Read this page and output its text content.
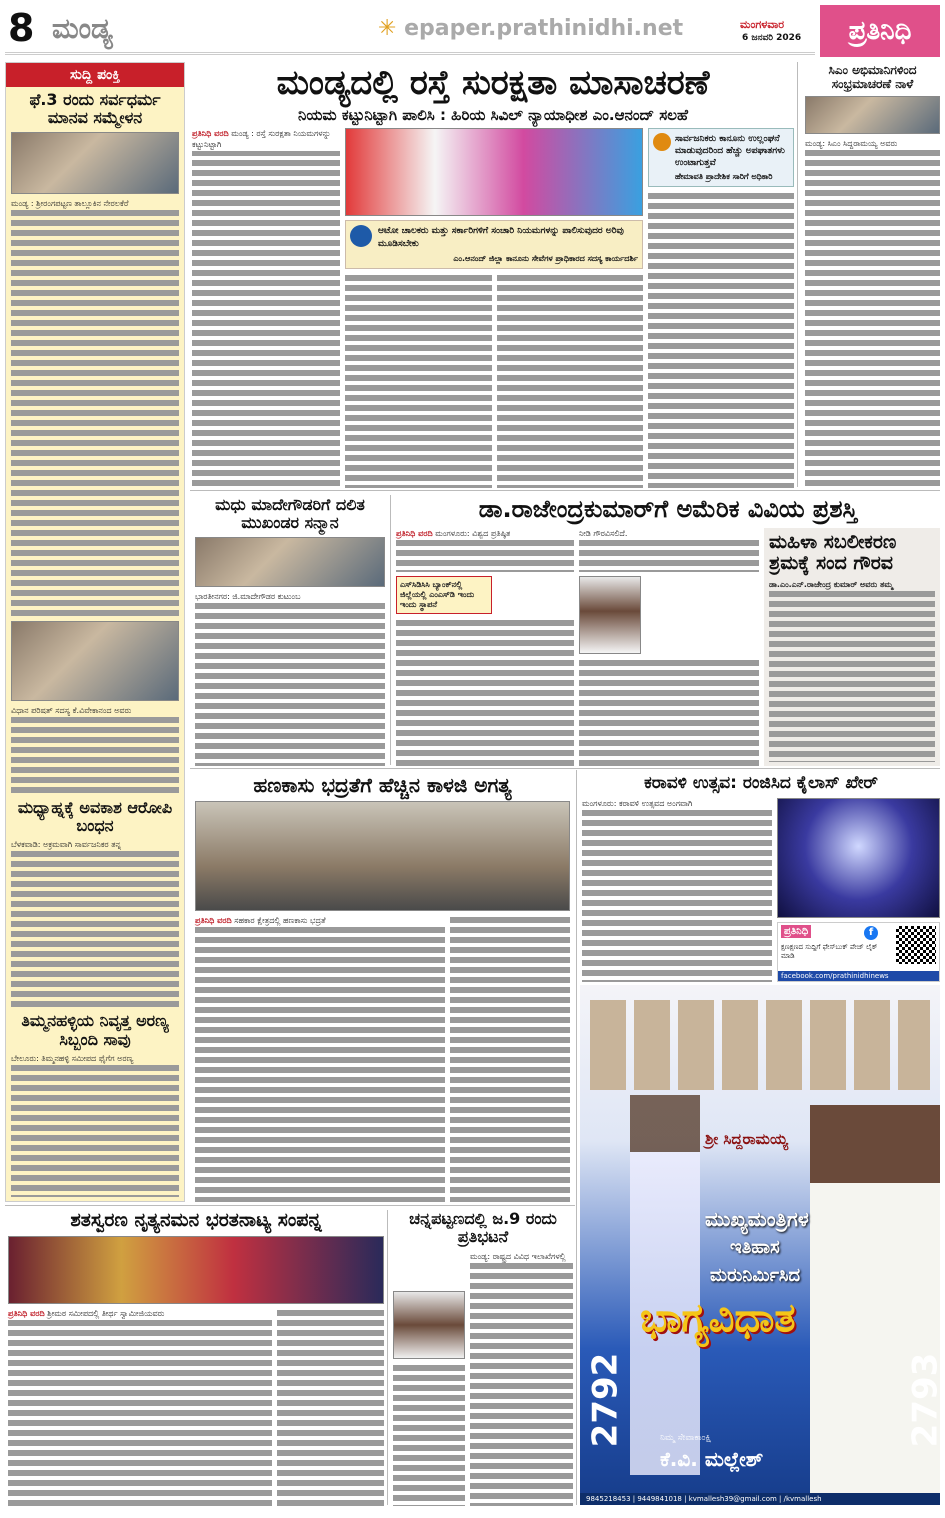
8 ಮಂಡ್ಯ	✳ epaper.prathinidhi.net	ಮಂಗಳವಾರ
6 ಜನವರಿ 2026	ಪ್ರತಿನಿಧಿ
ಸುದ್ದಿ ಪಂಕ್ತಿ
ಫೆ.3 ರಂದು ಸರ್ವಧರ್ಮ ಮಾನವ ಸಮ್ಮೇಳನ
ಮಂಡ್ಯ : ಶ್ರೀರಂಗಪಟ್ಟಣ ತಾಲ್ಲೂಕಿನ ನೇರಲಕೆರೆ
ವಿಧಾನ ಪರಿಷತ್ ಸದಸ್ಯ ಕೆ.ವಿವೇಕಾನಂದ ಅವರು
ಮಧ್ಯಾಹ್ನಕ್ಕೆ ಅವಕಾಶ ಆರೋಪಿ ಬಂಧನ
ಬೆಳಕವಾಡಿ: ಅಕ್ರಮವಾಗಿ ಸಾರ್ವಜನಿಕರ ತನ್ನ
ತಿಮ್ಮನಹಳ್ಳಿಯ ನಿವೃತ್ತ ಅರಣ್ಯ ಸಿಬ್ಬಂದಿ ಸಾವು
ಬೇಲೂರು: ತಿಮ್ಮನಹಳ್ಳಿ ಸಮೀಪದ ಫೈಗೆಗ ಅರಣ್ಯ
ಮಂಡ್ಯದಲ್ಲಿ ರಸ್ತೆ ಸುರಕ್ಷತಾ ಮಾಸಾಚರಣೆ
ನಿಯಮ ಕಟ್ಟುನಿಟ್ಟಾಗಿ ಪಾಲಿಸಿ : ಹಿರಿಯ ಸಿವಿಲ್ ನ್ಯಾಯಾಧೀಶ ಎಂ.ಆನಂದ್ ಸಲಹೆ
ಪ್ರತಿನಿಧಿ ವರದಿ ಮಂಡ್ಯ : ರಸ್ತೆ ಸುರಕ್ಷತಾ ನಿಯಮಗಳನ್ನು ಕಟ್ಟುನಿಟ್ಟಾಗಿ
ಆಟೋ ಚಾಲಕರು ಮತ್ತು ಸರ್ಕಾರಿಗಳಿಗೆ ಸಂಚಾರಿ ನಿಯಮಗಳನ್ನು ಪಾಲಿಸುವುದರ ಅರಿವು ಮೂಡಿಸಬೇಕು
ಎಂ.ಆನಂದ್ ಜಿಲ್ಲಾ ಕಾನೂನು ಸೇವೆಗಳ ಪ್ರಾಧಿಕಾರದ ಸದಸ್ಯ ಕಾರ್ಯದರ್ಶಿ
ಸಾರ್ವಜನಿಕರು ಕಾನೂನು ಉಲ್ಲಂಘನೆ ಮಾಡುವುದರಿಂದ ಹೆಚ್ಚು ಅಪಘಾತಗಳು ಉಂಟಾಗುತ್ತವೆ
ಹೇಮಾವತಿ ಪ್ರಾದೇಶಿಕ ಸಾರಿಗೆ ಅಧಿಕಾರಿ
ಸಿಎಂ ಅಭಿಮಾನಿಗಳಿಂದ ಸಂಭ್ರಮಾಚರಣೆ ನಾಳೆ
ಮಂಡ್ಯ: ಸಿಎಂ ಸಿದ್ದರಾಮಯ್ಯ ಅವರು
ಮಧು ಮಾದೇಗೌಡರಿಗೆ ದಲಿತ ಮುಖಂಡರ ಸನ್ಮಾನ
ಭಾರತೀನಗರ: ಜಿ.ಮಾದೇಗೌಡರ ಕುಟುಂಬ
ಡಾ.ರಾಜೇಂದ್ರಕುಮಾರ್‌ಗೆ ಅಮೆರಿಕ ವಿವಿಯ ಪ್ರಶಸ್ತಿ
ಪ್ರತಿನಿಧಿ ವರದಿ ಮಂಗಳೂರು: ವಿಶ್ವದ ಪ್ರತಿಷ್ಠಿತ
ಎಸ್‌ಸಿಡಿಸಿಸಿ ಬ್ಯಾಂಕ್‌ನಲ್ಲಿ ಜಿಲ್ಲೆಯಲ್ಲಿ ಎಂಎಸ್‌ಡಿ ಇಂದು ಇಂದು ಸ್ಥಾಪನೆ
ನೀಡಿ ಗೌರವಿಸಲಿದೆ.	ಮಹಿಳಾ ಸಬಲೀಕರಣ ಶ್ರಮಕ್ಕೆ ಸಂದ ಗೌರವ
ಡಾ.ಎಂ.ಎನ್.ರಾಜೇಂದ್ರ ಕುಮಾರ್ ಅವರು ತಮ್ಮ
ಹಣಕಾಸು ಭದ್ರತೆಗೆ ಹೆಚ್ಚಿನ ಕಾಳಜಿ ಅಗತ್ಯ
ಪ್ರತಿನಿಧಿ ವರದಿ ಸಹಕಾರ ಕ್ಷೇತ್ರದಲ್ಲಿ ಹಣಕಾಸು ಭದ್ರತೆ
ಕರಾವಳಿ ಉತ್ಸವ: ರಂಜಿಸಿದ ಕೈಲಾಸ್ ಖೇರ್
ಮಂಗಳೂರು: ಕರಾವಳಿ ಉತ್ಸವದ ಅಂಗವಾಗಿ
ಪ್ರತಿನಿಧಿ	f
ಕ್ಷಣಕ್ಷಣದ ಸುದ್ದಿಗೆ ಫೇಸ್‌ಬುಕ್ ಪೇಜ್ ಲೈಕ್ ಮಾಡಿ
facebook.com/prathinidhinews
ಶ್ರೀ ಸಿದ್ದರಾಮಯ್ಯ
ಮುಖ್ಯಮಂತ್ರಿಗಳ
ಇತಿಹಾಸ
ಮರುನಿರ್ಮಿಸಿದ
ಭಾಗ್ಯವಿಧಾತ
2792	2793
ನಿಮ್ಮ ಸೇವಾಕಾಂಕ್ಷಿ
ಕೆ.ವಿ. ಮಲ್ಲೇಶ್
9845218453 | 9449841018 | kvmallesh39@gmail.com | /kvmallesh
ಶತಸ್ವರಣ ನೃತ್ಯನಮನ ಭರತನಾಟ್ಯ ಸಂಪನ್ನ
ಪ್ರತಿನಿಧಿ ವರದಿ ಶ್ರೀಮಠ ಸಮೀಪದಲ್ಲಿ ತೀರ್ಥ ಸ್ವಾಮೀಜಿಯವರು
ಚನ್ನಪಟ್ಟಣದಲ್ಲಿ ಜ.9 ರಂದು ಪ್ರತಿಭಟನೆ
ಮಂಡ್ಯ: ರಾಷ್ಟ್ರದ ವಿವಿಧ ಇಲಾಖೆಗಳಲ್ಲಿ
